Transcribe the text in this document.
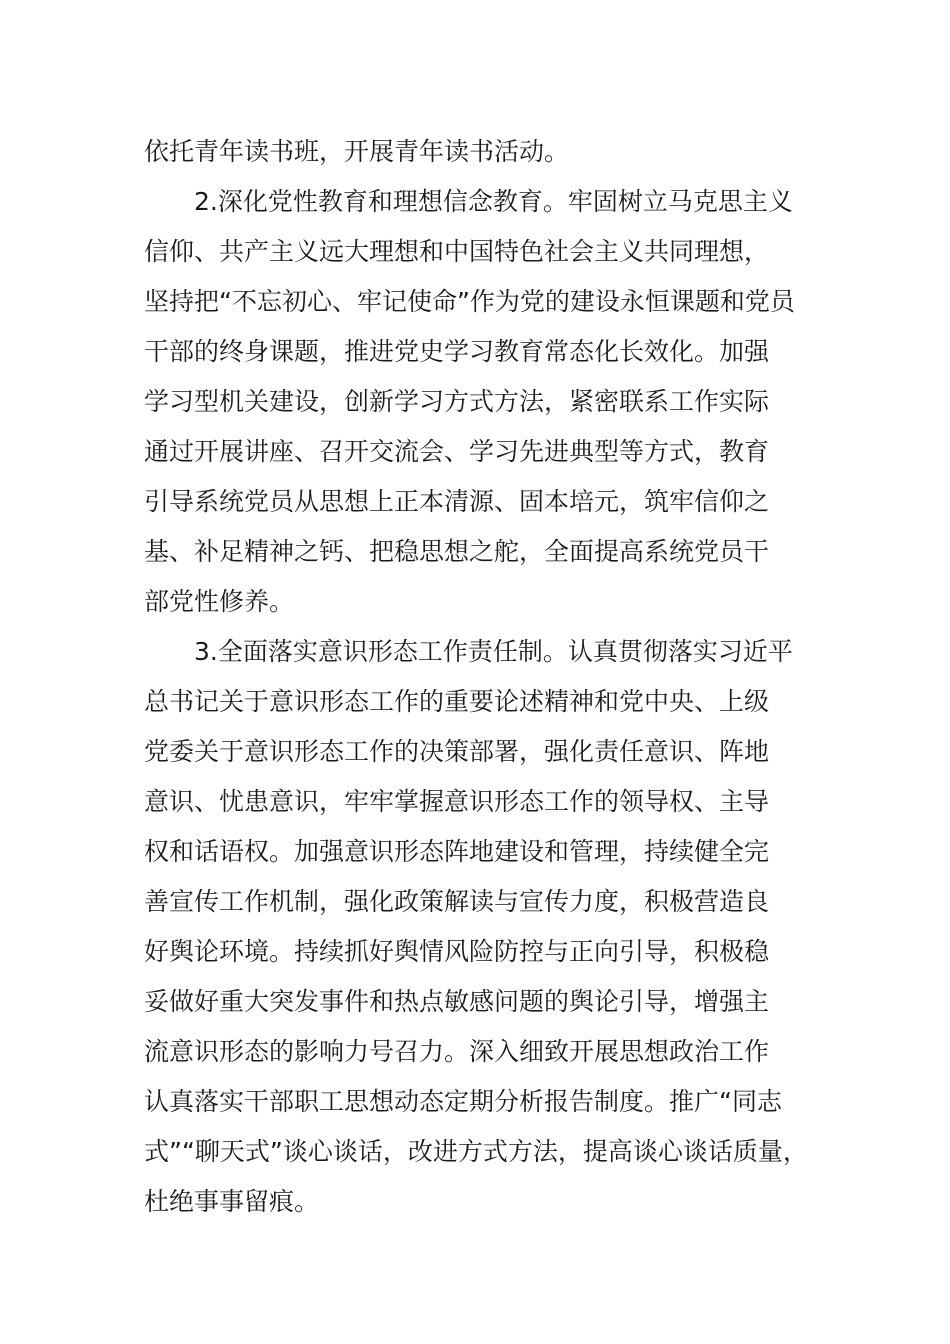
依托青年读书班，开展青年读书活动。
2.深化党性教育和理想信念教育。牢固树立马克思主义
信仰、共产主义远大理想和中国特色社会主义共同理想，
坚持把“不忘初心、牢记使命”作为党的建设永恒课题和党员
干部的终身课题，推进党史学习教育常态化长效化。加强
学习型机关建设，创新学习方式方法，紧密联系工作实际
通过开展讲座、召开交流会、学习先进典型等方式，教育
引导系统党员从思想上正本清源、固本培元，筑牢信仰之
基、补足精神之钙、把稳思想之舵，全面提高系统党员干
部党性修养。
3.全面落实意识形态工作责任制。认真贯彻落实习近平
总书记关于意识形态工作的重要论述精神和党中央、上级
党委关于意识形态工作的决策部署，强化责任意识、阵地
意识、忧患意识，牢牢掌握意识形态工作的领导权、主导
权和话语权。加强意识形态阵地建设和管理，持续健全完
善宣传工作机制，强化政策解读与宣传力度，积极营造良
好舆论环境。持续抓好舆情风险防控与正向引导，积极稳
妥做好重大突发事件和热点敏感问题的舆论引导，增强主
流意识形态的影响力号召力。深入细致开展思想政治工作
认真落实干部职工思想动态定期分析报告制度。推广“同志
式”“聊天式”谈心谈话，改进方式方法，提高谈心谈话质量，
杜绝事事留痕。
